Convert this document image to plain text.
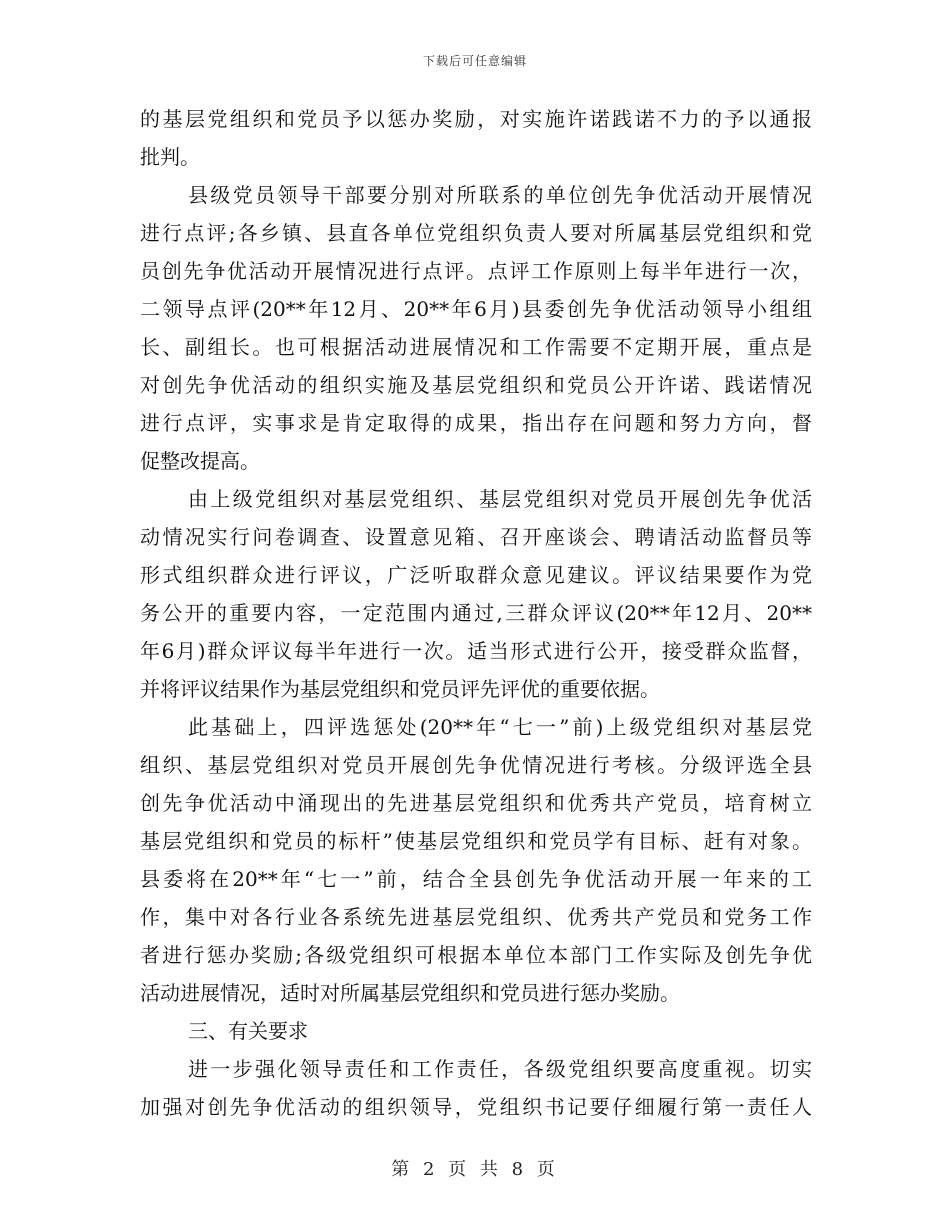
下载后可任意编辑
的基层党组织和党员予以惩办奖励，对实施许诺践诺不力的予以通报
批判。
县级党员领导干部要分别对所联系的单位创先争优活动开展情况
进行点评;各乡镇、县直各单位党组织负责人要对所属基层党组织和党
员创先争优活动开展情况进行点评。点评工作原则上每半年进行一次，
二领导点评(20**年12月、20**年6月)县委创先争优活动领导小组组
长、副组长。也可根据活动进展情况和工作需要不定期开展，重点是
对创先争优活动的组织实施及基层党组织和党员公开许诺、践诺情况
进行点评，实事求是肯定取得的成果，指出存在问题和努力方向，督
促整改提高。
由上级党组织对基层党组织、基层党组织对党员开展创先争优活
动情况实行问卷调查、设置意见箱、召开座谈会、聘请活动监督员等
形式组织群众进行评议，广泛听取群众意见建议。评议结果要作为党
务公开的重要内容，一定范围内通过,三群众评议(20**年12月、20**
年6月)群众评议每半年进行一次。适当形式进行公开，接受群众监督，
并将评议结果作为基层党组织和党员评先评优的重要依据。
此基础上，四评选惩处(20**年“七一”前)上级党组织对基层党
组织、基层党组织对党员开展创先争优情况进行考核。分级评选全县
创先争优活动中涌现出的先进基层党组织和优秀共产党员，培育树立
基层党组织和党员的标杆”使基层党组织和党员学有目标、赶有对象。
县委将在20**年“七一”前，结合全县创先争优活动开展一年来的工
作，集中对各行业各系统先进基层党组织、优秀共产党员和党务工作
者进行惩办奖励;各级党组织可根据本单位本部门工作实际及创先争优
活动进展情况，适时对所属基层党组织和党员进行惩办奖励。
三、有关要求
进一步强化领导责任和工作责任，各级党组织要高度重视。切实
加强对创先争优活动的组织领导，党组织书记要仔细履行第一责任人
第 2 页 共 8 页
